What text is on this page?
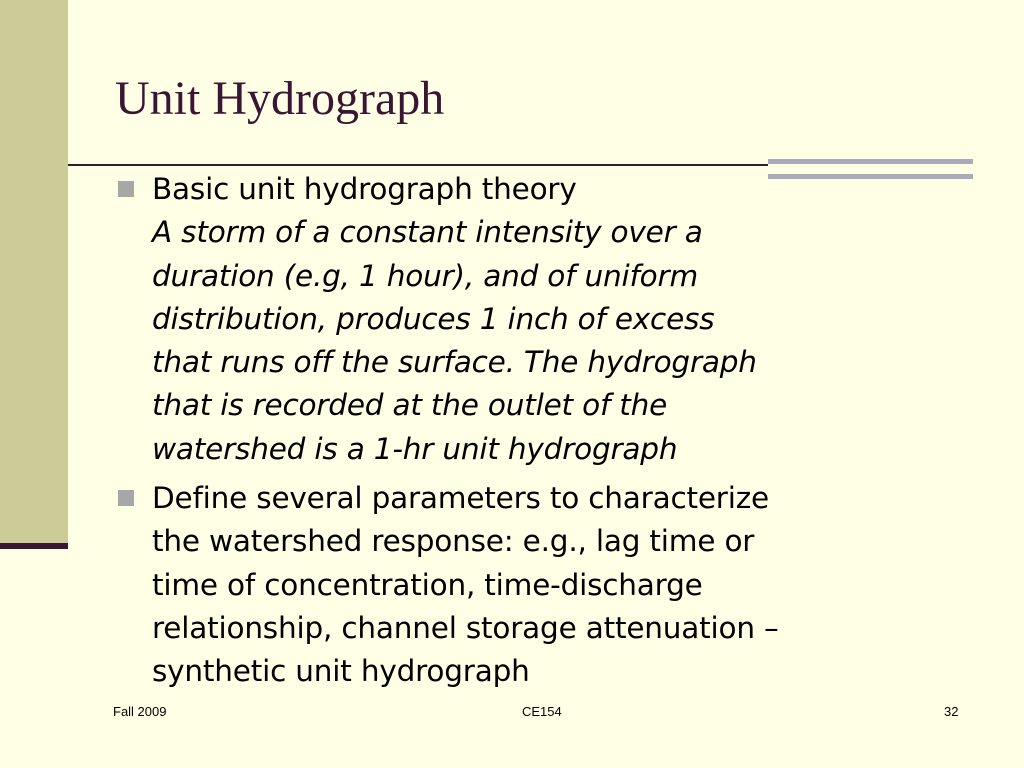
Unit Hydrograph
Basic unit hydrograph theory
A storm of a constant intensity over a
duration (e.g, 1 hour), and of uniform
distribution, produces 1 inch of excess
that runs off the surface. The hydrograph
that is recorded at the outlet of the
watershed is a 1-hr unit hydrograph
Define several parameters to characterize
the watershed response: e.g., lag time or
time of concentration, time-discharge
relationship, channel storage attenuation –
synthetic unit hydrograph
Fall 2009	CE154	32
